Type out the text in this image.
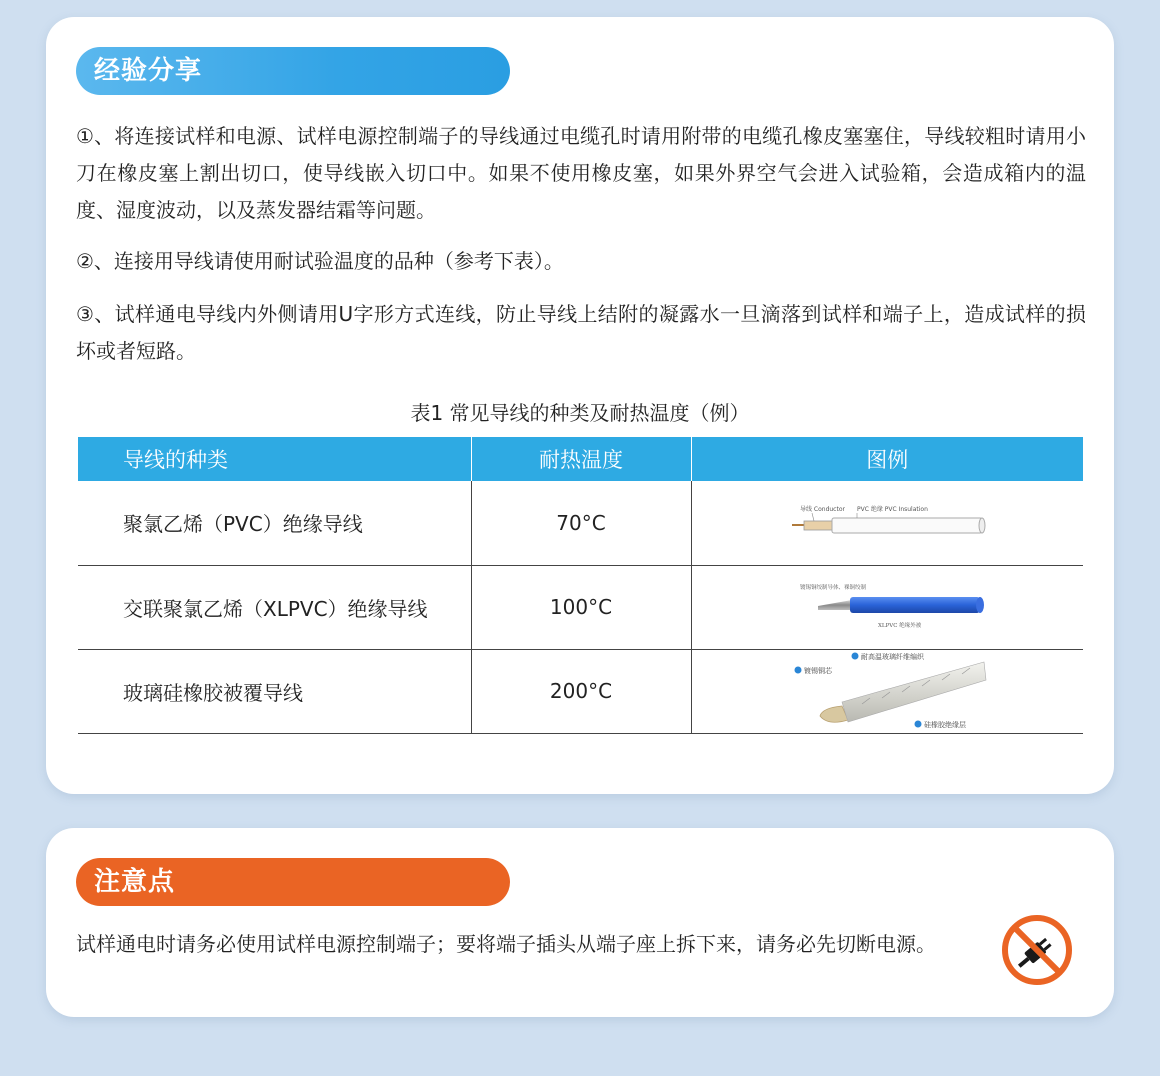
经验分享

①、将连接试样和电源、试样电源控制端子的导线通过电缆孔时请用附带的电缆孔橡皮塞塞住，导线较粗时请用小刀在橡皮塞上割出切口，使导线嵌入切口中。如果不使用橡皮塞，如果外界空气会进入试验箱，会造成箱内的温度、湿度波动，以及蒸发器结霜等问题。

②、连接用导线请使用耐试验温度的品种（参考下表）。

③、试样通电导线内外侧请用U字形方式连线，防止导线上结附的凝露水一旦滴落到试样和端子上，造成试样的损坏或者短路。

表1 常见导线的种类及耐热温度（例）
导线的种类	耐热温度	图例
聚氯乙烯（PVC）绝缘导线	70°C	导线 Conductor PVC 绝缘 PVC Insulation

交联聚氯乙烯（XLPVC）绝缘导线	100°C	镀锡铜绞制导体、裸铜绞制
XLPVC 绝缘外被

玻璃硅橡胶被覆导线	200°C	镀锡铜芯
耐高温玻璃纤维编织
硅橡胶绝缘层
注意点
试样通电时请务必使用试样电源控制端子；要将端子插头从端子座上拆下来，请务必先切断电源。
